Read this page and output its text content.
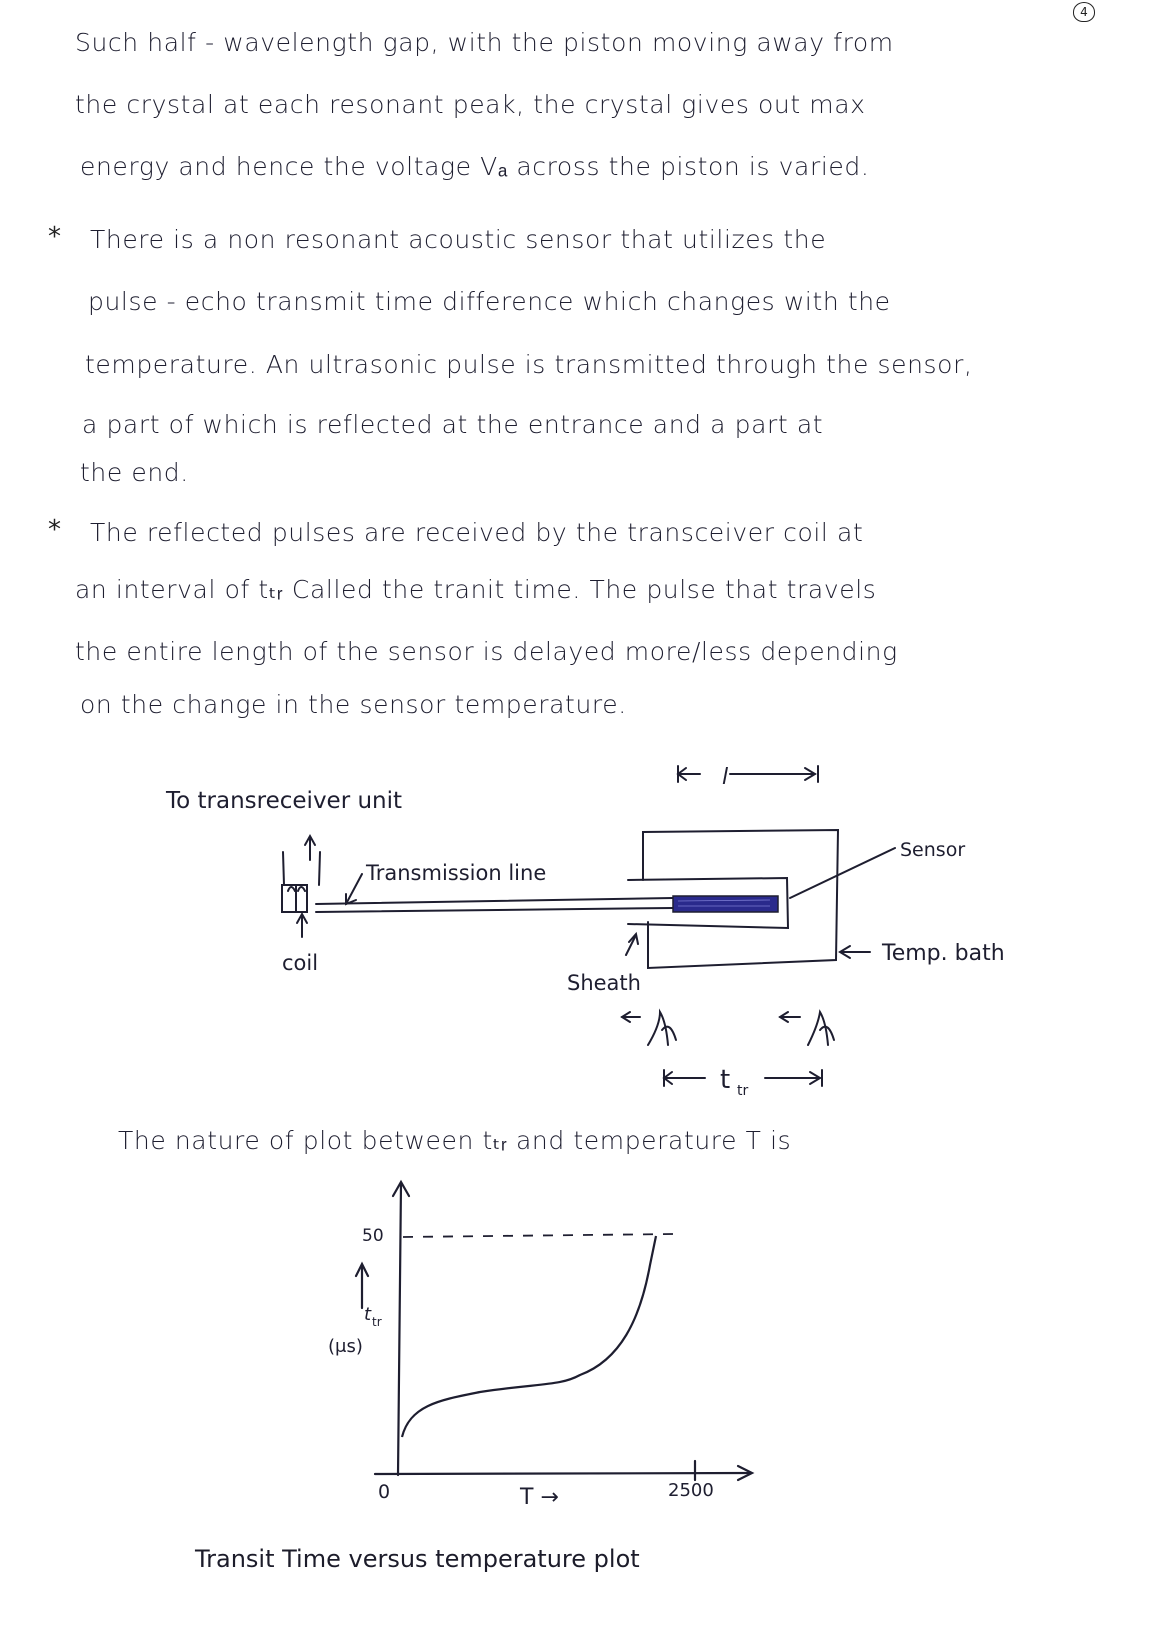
4
Such half - wavelength gap, with the piston moving away from
the crystal at each resonant peak, the crystal gives out max
energy and hence the voltage Vₐ across the piston is varied.
* There is a non resonant acoustic sensor that utilizes the
pulse - echo transmit time difference which changes with the
temperature. An ultrasonic pulse is transmitted through the sensor,
a part of which is reflected at the entrance and a part at
the end.
* The reflected pulses are received by the transceiver coil at
an interval of tₜᵣ Called the tranit time. The pulse that travels
the entire length of the sensor is delayed more/less depending
on the change in the sensor temperature.
To transreceiver unit
l
Transmission line
Sensor
coil
Sheath
Temp. bath
t tr
The nature of plot between tₜᵣ and temperature T is
50
t tr
(μs)
0	T →	2500
Transit Time versus temperature plot
